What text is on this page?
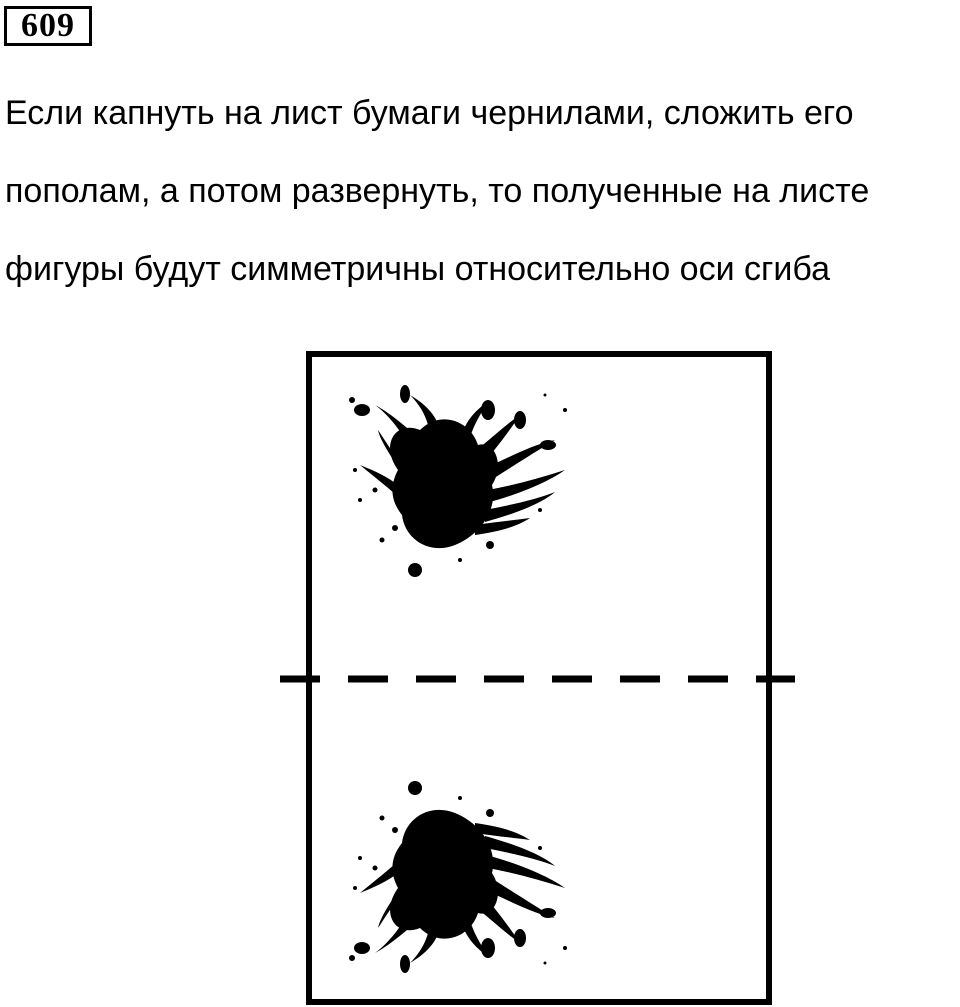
609
Если капнуть на лист бумаги чернилами, сложить его
пополам, а потом развернуть, то полученные на листе
фигуры будут симметричны относительно оси сгиба
